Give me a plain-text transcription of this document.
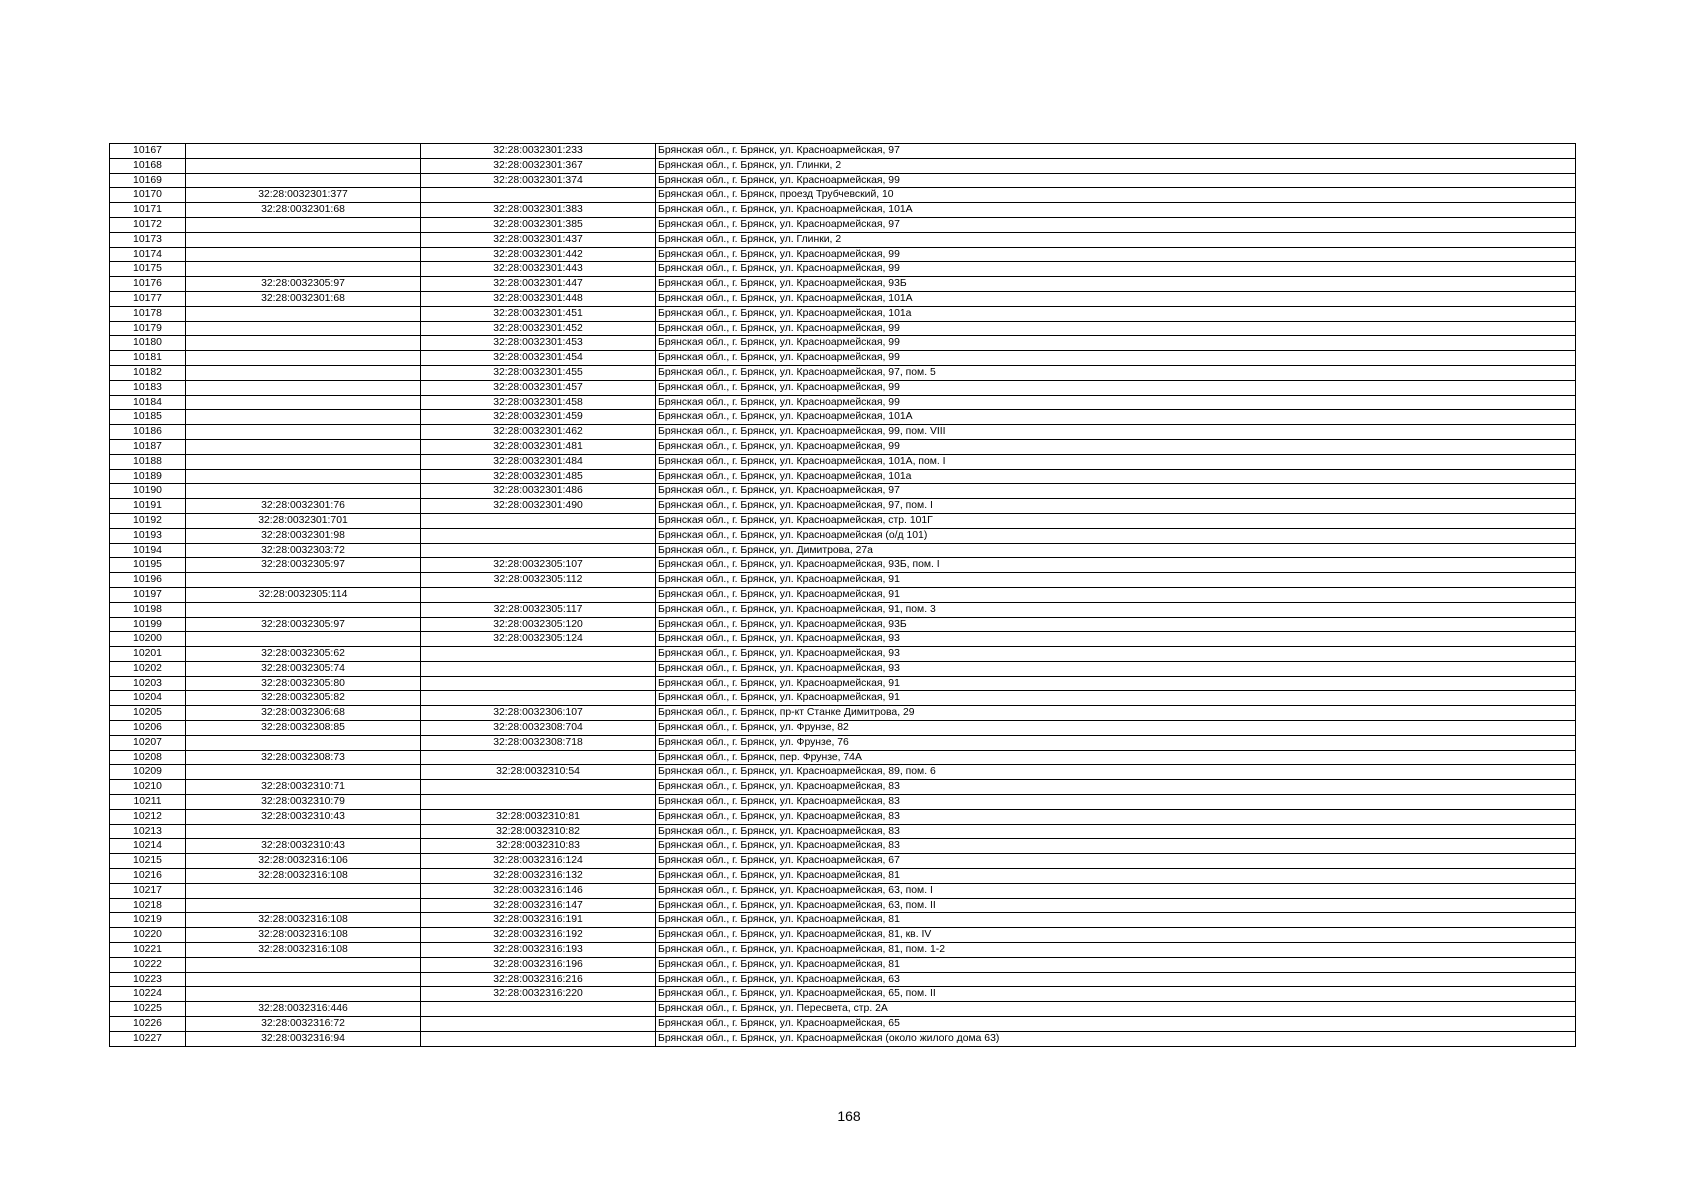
10167		32:28:0032301:233	Брянская обл., г. Брянск, ул. Красноармейская, 97
10168		32:28:0032301:367	Брянская обл., г. Брянск, ул. Глинки, 2
10169		32:28:0032301:374	Брянская обл., г. Брянск, ул. Красноармейская, 99
10170	32:28:0032301:377		Брянская обл., г. Брянск, проезд Трубчевский, 10
10171	32:28:0032301:68	32:28:0032301:383	Брянская обл., г. Брянск, ул. Красноармейская, 101А
10172		32:28:0032301:385	Брянская обл., г. Брянск, ул. Красноармейская, 97
10173		32:28:0032301:437	Брянская обл., г. Брянск, ул. Глинки, 2
10174		32:28:0032301:442	Брянская обл., г. Брянск, ул. Красноармейская, 99
10175		32:28:0032301:443	Брянская обл., г. Брянск, ул. Красноармейская, 99
10176	32:28:0032305:97	32:28:0032301:447	Брянская обл., г. Брянск, ул. Красноармейская, 93Б
10177	32:28:0032301:68	32:28:0032301:448	Брянская обл., г. Брянск, ул. Красноармейская, 101А
10178		32:28:0032301:451	Брянская обл., г. Брянск, ул. Красноармейская, 101а
10179		32:28:0032301:452	Брянская обл., г. Брянск, ул. Красноармейская, 99
10180		32:28:0032301:453	Брянская обл., г. Брянск, ул. Красноармейская, 99
10181		32:28:0032301:454	Брянская обл., г. Брянск, ул. Красноармейская, 99
10182		32:28:0032301:455	Брянская обл., г. Брянск, ул. Красноармейская, 97, пом. 5
10183		32:28:0032301:457	Брянская обл., г. Брянск, ул. Красноармейская, 99
10184		32:28:0032301:458	Брянская обл., г. Брянск, ул. Красноармейская, 99
10185		32:28:0032301:459	Брянская обл., г. Брянск, ул. Красноармейская, 101А
10186		32:28:0032301:462	Брянская обл., г. Брянск, ул. Красноармейская, 99, пом. VIII
10187		32:28:0032301:481	Брянская обл., г. Брянск, ул. Красноармейская, 99
10188		32:28:0032301:484	Брянская обл., г. Брянск, ул. Красноармейская, 101А, пом. I
10189		32:28:0032301:485	Брянская обл., г. Брянск, ул. Красноармейская, 101а
10190		32:28:0032301:486	Брянская обл., г. Брянск, ул. Красноармейская, 97
10191	32:28:0032301:76	32:28:0032301:490	Брянская обл., г. Брянск, ул. Красноармейская, 97, пом. I
10192	32:28:0032301:701		Брянская обл., г. Брянск, ул. Красноармейская, стр. 101Г
10193	32:28:0032301:98		Брянская обл., г. Брянск, ул. Красноармейская (о/д 101)
10194	32:28:0032303:72		Брянская обл., г. Брянск, ул. Димитрова, 27а
10195	32:28:0032305:97	32:28:0032305:107	Брянская обл., г. Брянск, ул. Красноармейская, 93Б, пом. I
10196		32:28:0032305:112	Брянская обл., г. Брянск, ул. Красноармейская, 91
10197	32:28:0032305:114		Брянская обл., г. Брянск, ул. Красноармейская, 91
10198		32:28:0032305:117	Брянская обл., г. Брянск, ул. Красноармейская, 91, пом. 3
10199	32:28:0032305:97	32:28:0032305:120	Брянская обл., г. Брянск, ул. Красноармейская, 93Б
10200		32:28:0032305:124	Брянская обл., г. Брянск, ул. Красноармейская, 93
10201	32:28:0032305:62		Брянская обл., г. Брянск, ул. Красноармейская, 93
10202	32:28:0032305:74		Брянская обл., г. Брянск, ул. Красноармейская, 93
10203	32:28:0032305:80		Брянская обл., г. Брянск, ул. Красноармейская, 91
10204	32:28:0032305:82		Брянская обл., г. Брянск, ул. Красноармейская, 91
10205	32:28:0032306:68	32:28:0032306:107	Брянская обл., г. Брянск, пр-кт Станке Димитрова, 29
10206	32:28:0032308:85	32:28:0032308:704	Брянская обл., г. Брянск, ул. Фрунзе, 82
10207		32:28:0032308:718	Брянская обл., г. Брянск, ул. Фрунзе, 76
10208	32:28:0032308:73		Брянская обл., г. Брянск, пер. Фрунзе, 74А
10209		32:28:0032310:54	Брянская обл., г. Брянск, ул. Красноармейская, 89, пом. 6
10210	32:28:0032310:71		Брянская обл., г. Брянск, ул. Красноармейская, 83
10211	32:28:0032310:79		Брянская обл., г. Брянск, ул. Красноармейская, 83
10212	32:28:0032310:43	32:28:0032310:81	Брянская обл., г. Брянск, ул. Красноармейская, 83
10213		32:28:0032310:82	Брянская обл., г. Брянск, ул. Красноармейская, 83
10214	32:28:0032310:43	32:28:0032310:83	Брянская обл., г. Брянск, ул. Красноармейская, 83
10215	32:28:0032316:106	32:28:0032316:124	Брянская обл., г. Брянск, ул. Красноармейская, 67
10216	32:28:0032316:108	32:28:0032316:132	Брянская обл., г. Брянск, ул. Красноармейская, 81
10217		32:28:0032316:146	Брянская обл., г. Брянск, ул. Красноармейская, 63, пом. I
10218		32:28:0032316:147	Брянская обл., г. Брянск, ул. Красноармейская, 63, пом. II
10219	32:28:0032316:108	32:28:0032316:191	Брянская обл., г. Брянск, ул. Красноармейская, 81
10220	32:28:0032316:108	32:28:0032316:192	Брянская обл., г. Брянск, ул. Красноармейская, 81, кв. IV
10221	32:28:0032316:108	32:28:0032316:193	Брянская обл., г. Брянск, ул. Красноармейская, 81, пом. 1-2
10222		32:28:0032316:196	Брянская обл., г. Брянск, ул. Красноармейская, 81
10223		32:28:0032316:216	Брянская обл., г. Брянск, ул. Красноармейская, 63
10224		32:28:0032316:220	Брянская обл., г. Брянск, ул. Красноармейская, 65, пом. II
10225	32:28:0032316:446		Брянская обл., г. Брянск, ул. Пересвета, стр. 2А
10226	32:28:0032316:72		Брянская обл., г. Брянск, ул. Красноармейская, 65
10227	32:28:0032316:94		Брянская обл., г. Брянск, ул. Красноармейская (около жилого дома 63)
168
